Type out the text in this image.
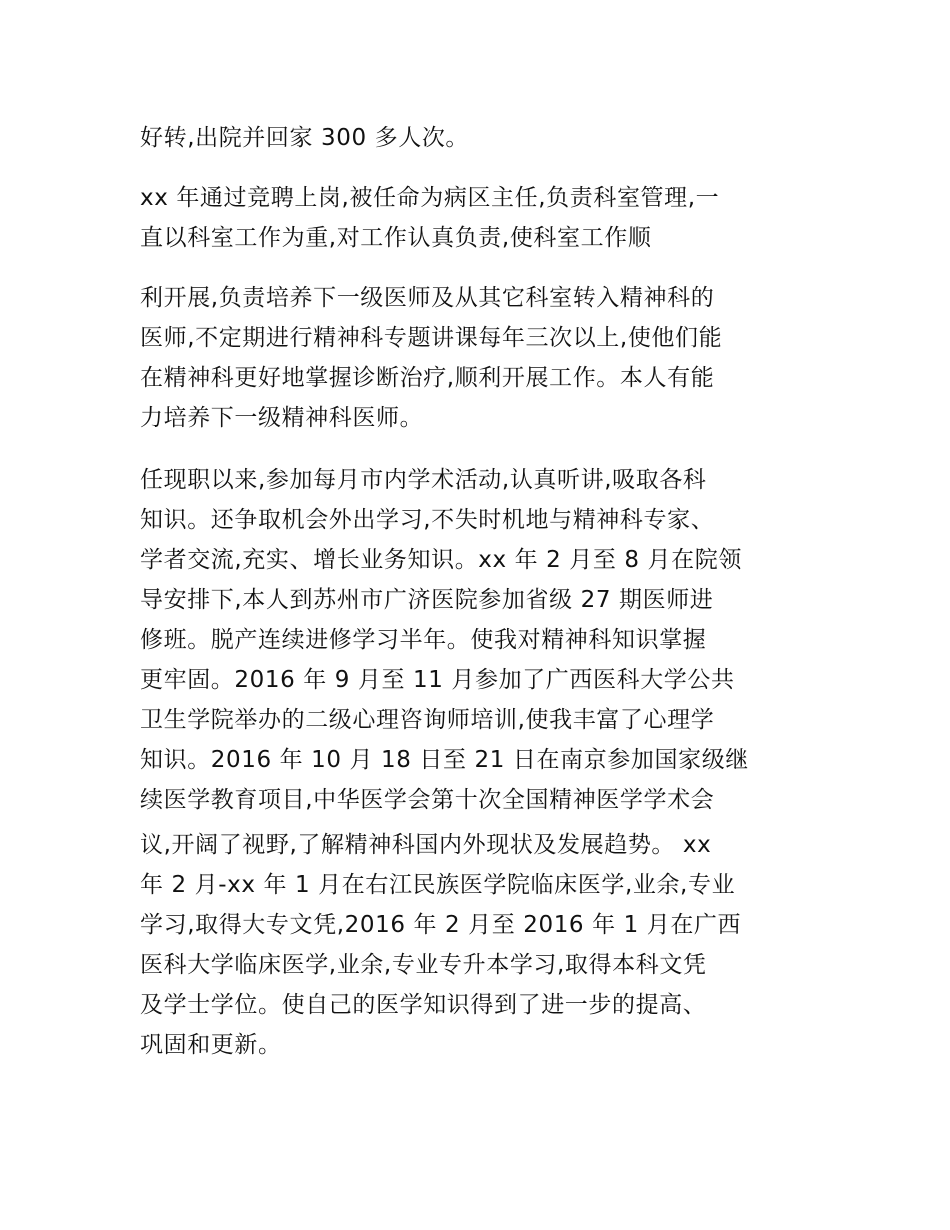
好转,出院并回家 300 多人次。

xx 年通过竞聘上岗,被任命为病区主任,负责科室管理,一

直以科室工作为重,对工作认真负责,使科室工作顺

利开展,负责培养下一级医师及从其它科室转入精神科的

医师,不定期进行精神科专题讲课每年三次以上,使他们能

在精神科更好地掌握诊断治疗,顺利开展工作。本人有能

力培养下一级精神科医师。

任现职以来,参加每月市内学术活动,认真听讲,吸取各科

知识。还争取机会外出学习,不失时机地与精神科专家、

学者交流,充实、增长业务知识。xx 年 2 月至 8 月在院领

导安排下,本人到苏州市广济医院参加省级 27 期医师进

修班。脱产连续进修学习半年。使我对精神科知识掌握

更牢固。2016 年 9 月至 11 月参加了广西医科大学公共

卫生学院举办的二级心理咨询师培训,使我丰富了心理学

知识。2016 年 10 月 18 日至 21 日在南京参加国家级继

续医学教育项目,中华医学会第十次全国精神医学学术会

议,开阔了视野,了解精神科国内外现状及发展趋势。 xx

年 2 月-xx 年 1 月在右江民族医学院临床医学,业余,专业

学习,取得大专文凭,2016 年 2 月至 2016 年 1 月在广西

医科大学临床医学,业余,专业专升本学习,取得本科文凭

及学士学位。使自己的医学知识得到了进一步的提高、

巩固和更新。
